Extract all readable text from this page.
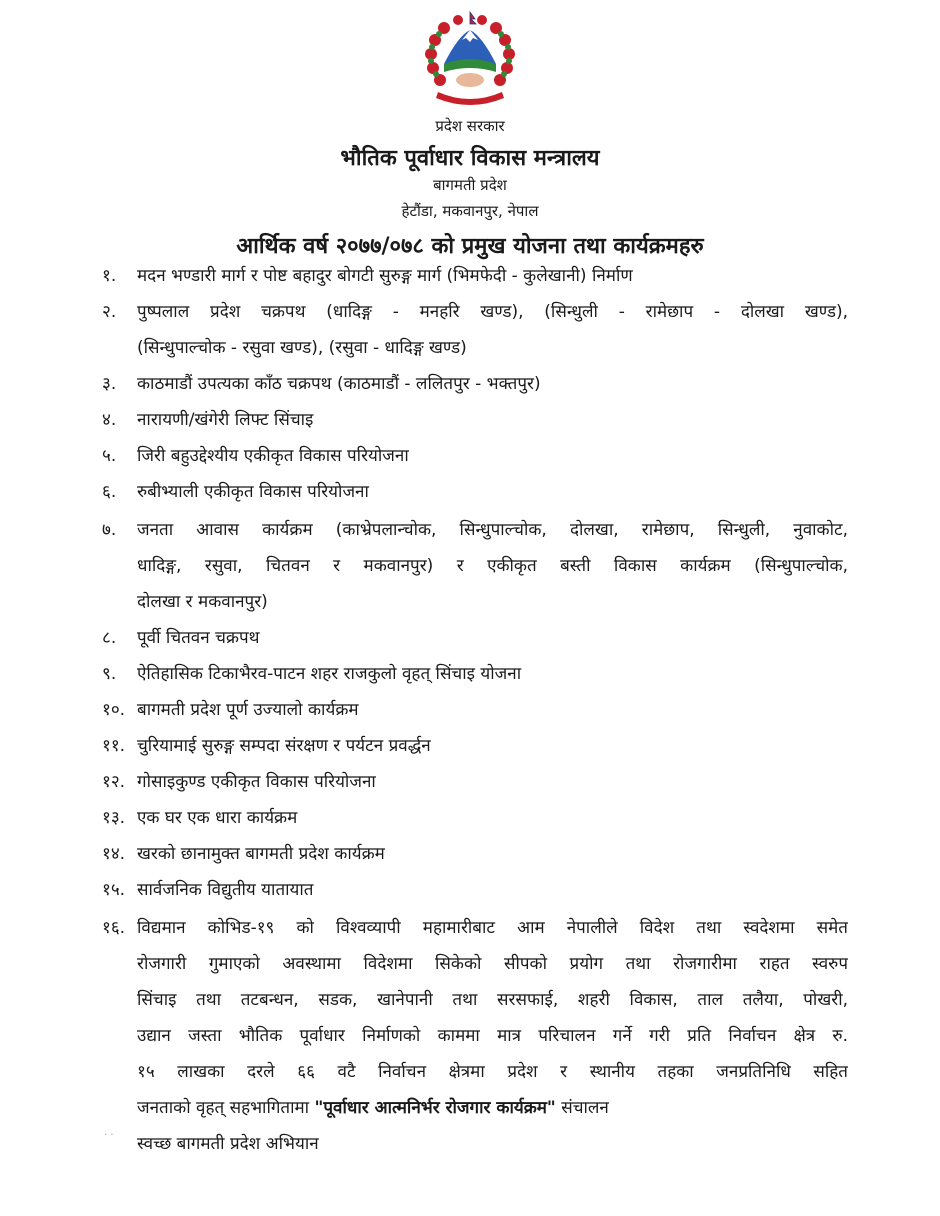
प्रदेश सरकार
भौतिक पूर्वाधार विकास मन्त्रालय
बागमती प्रदेश
हेटौंडा, मकवानपुर, नेपाल
आर्थिक वर्ष २०७७/०७८ को प्रमुख योजना तथा कार्यक्रमहरु
१. मदन भण्डारी मार्ग र पोष्ट बहादुर बोगटी सुरुङ्ग मार्ग (भिमफेदी - कुलेखानी) निर्माण
२. पुष्पलाल प्रदेश चक्रपथ (धादिङ्ग - मनहरि खण्ड), (सिन्धुली - रामेछाप - दोलखा खण्ड),
(सिन्धुपाल्चोक - रसुवा खण्ड), (रसुवा - धादिङ्ग खण्ड)
३. काठमाडौं उपत्यका काँठ चक्रपथ (काठमाडौं - ललितपुर - भक्तपुर)
४. नारायणी/खंगेरी लिफ्ट सिंचाइ
५. जिरी बहुउद्देश्यीय एकीकृत विकास परियोजना
६. रुबीभ्याली एकीकृत विकास परियोजना
७. जनता आवास कार्यक्रम (काभ्रेपलान्चोक, सिन्धुपाल्चोक, दोलखा, रामेछाप, सिन्धुली, नुवाकोट,
धादिङ्ग, रसुवा, चितवन र मकवानपुर) र एकीकृत बस्ती विकास कार्यक्रम (सिन्धुपाल्चोक,
दोलखा र मकवानपुर)
८. पूर्वी चितवन चक्रपथ
९. ऐतिहासिक टिकाभैरव-पाटन शहर राजकुलो वृहत् सिंचाइ योजना
१०. बागमती प्रदेश पूर्ण उज्यालो कार्यक्रम
११. चुरियामाई सुरुङ्ग सम्पदा संरक्षण र पर्यटन प्रवर्द्धन
१२. गोसाइकुण्ड एकीकृत विकास परियोजना
१३. एक घर एक धारा कार्यक्रम
१४. खरको छानामुक्त बागमती प्रदेश कार्यक्रम
१५. सार्वजनिक विद्युतीय यातायात
१६. विद्यमान कोभिड-१९ को विश्वव्यापी महामारीबाट आम नेपालीले विदेश तथा स्वदेशमा समेत
रोजगारी गुमाएको अवस्थामा विदेशमा सिकेको सीपको प्रयोग तथा रोजगारीमा राहत स्वरुप
सिंचाइ तथा तटबन्धन, सडक, खानेपानी तथा सरसफाई, शहरी विकास, ताल तलैया, पोखरी,
उद्यान जस्ता भौतिक पूर्वाधार निर्माणको काममा मात्र परिचालन गर्ने गरी प्रति निर्वाचन क्षेत्र रु.
१५ लाखका दरले ६६ वटै निर्वाचन क्षेत्रमा प्रदेश र स्थानीय तहका जनप्रतिनिधि सहित
जनताको वृहत् सहभागितामा "पूर्वाधार आत्मनिर्भर रोजगार कार्यक्रम" संचालन
स्वच्छ बागमती प्रदेश अभियान
· ·
